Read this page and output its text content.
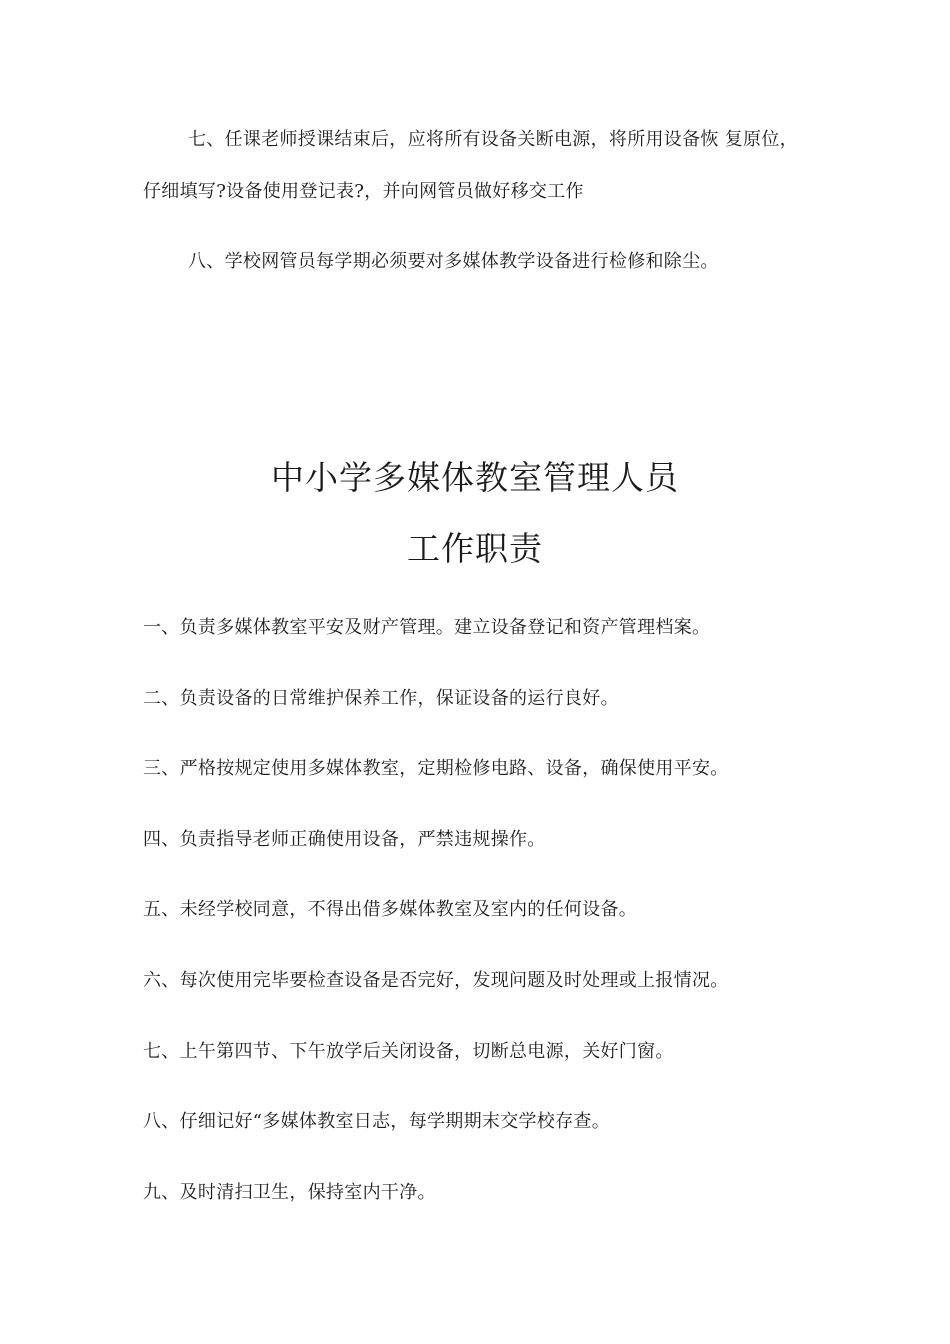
七、任课老师授课结束后，应将所有设备关断电源，将所用设备恢 复原位，仔细填写?设备使用登记表?，并向网管员做好移交工作

八、学校网管员每学期必须要对多媒体教学设备进行检修和除尘。

中小学多媒体教室管理人员
工作职责
一、负责多媒体教室平安及财产管理。建立设备登记和资产管理档案。
二、负责设备的日常维护保养工作，保证设备的运行良好。
三、严格按规定使用多媒体教室，定期检修电路、设备，确保使用平安。
四、负责指导老师正确使用设备，严禁违规操作。
五、未经学校同意，不得出借多媒体教室及室内的任何设备。
六、每次使用完毕要检查设备是否完好，发现问题及时处理或上报情况。
七、上午第四节、下午放学后关闭设备，切断总电源，关好门窗。
八、仔细记好“多媒体教室日志，每学期期末交学校存查。
九、及时清扫卫生，保持室内干净。
